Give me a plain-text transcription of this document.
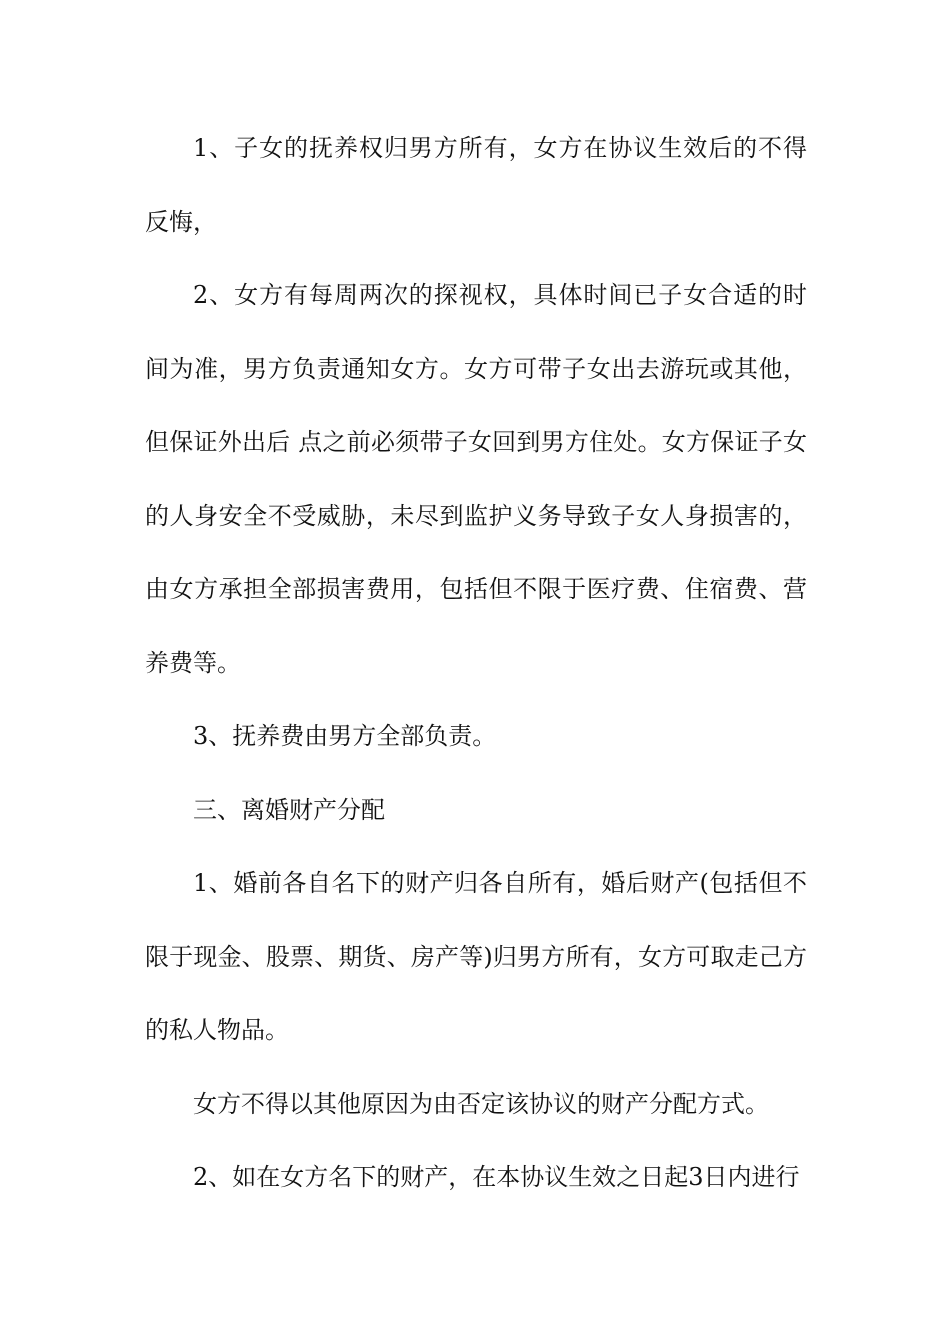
1、子女的抚养权归男方所有，女方在协议生效后的不得反悔，

2、女方有每周两次的探视权，具体时间已子女合适的时间为准，男方负责通知女方。女方可带子女出去游玩或其他，但保证外出后 点之前必须带子女回到男方住处。女方保证子女的人身安全不受威胁，未尽到监护义务导致子女人身损害的，由女方承担全部损害费用，包括但不限于医疗费、住宿费、营养费等。

3、抚养费由男方全部负责。

三、离婚财产分配

1、婚前各自名下的财产归各自所有，婚后财产(包括但不限于现金、股票、期货、房产等)归男方所有，女方可取走己方的私人物品。

女方不得以其他原因为由否定该协议的财产分配方式。

2、如在女方名下的财产，在本协议生效之日起3日内进行
